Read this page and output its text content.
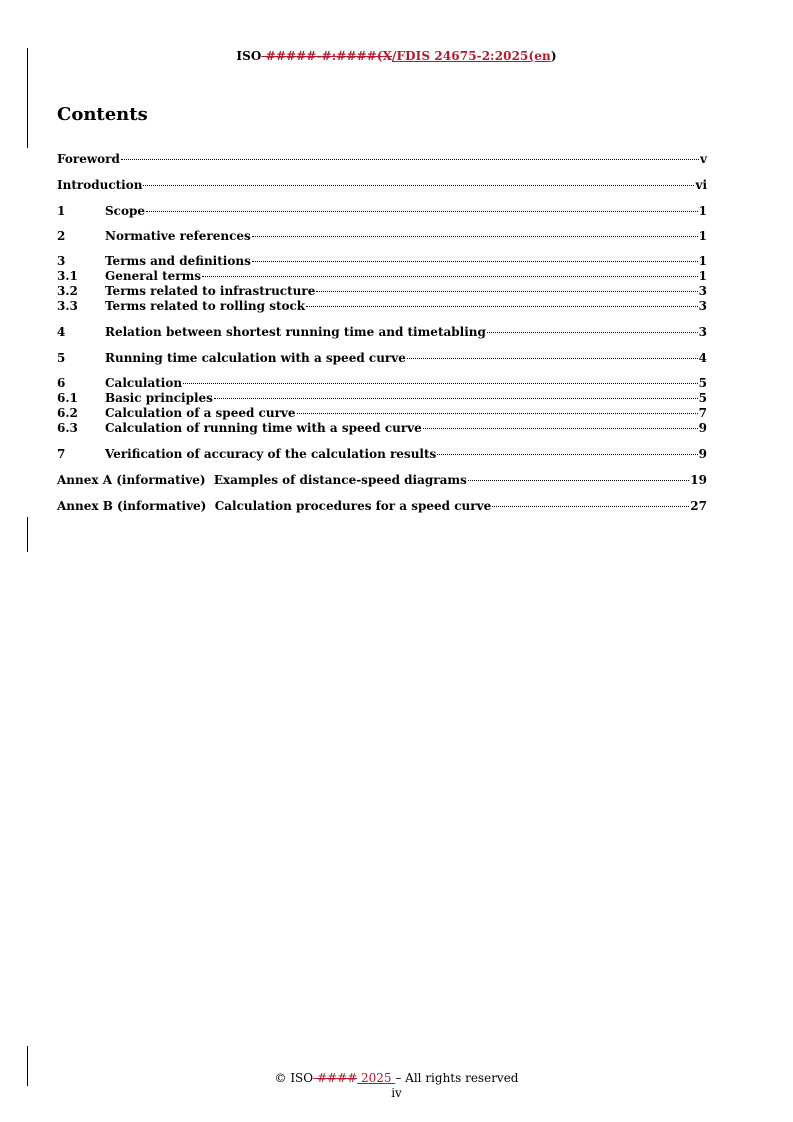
ISO #####-#:####(X/FDIS 24675-2:2025(en)
Contents
Foreword	v
Introduction	vi
1	Scope	1
2	Normative references	1
3	Terms and definitions	1
3.1	General terms	1
3.2	Terms related to infrastructure	3
3.3	Terms related to rolling stock	3
4	Relation between shortest running time and timetabling	3
5	Running time calculation with a speed curve	4
6	Calculation	5
6.1	Basic principles	5
6.2	Calculation of a speed curve	7
6.3	Calculation of running time with a speed curve	9
7	Verification of accuracy of the calculation results	9
Annex A (informative)  Examples of distance-speed diagrams	19
Annex B (informative)  Calculation procedures for a speed curve	27
© ISO #### 2025 – All rights reserved
iv
